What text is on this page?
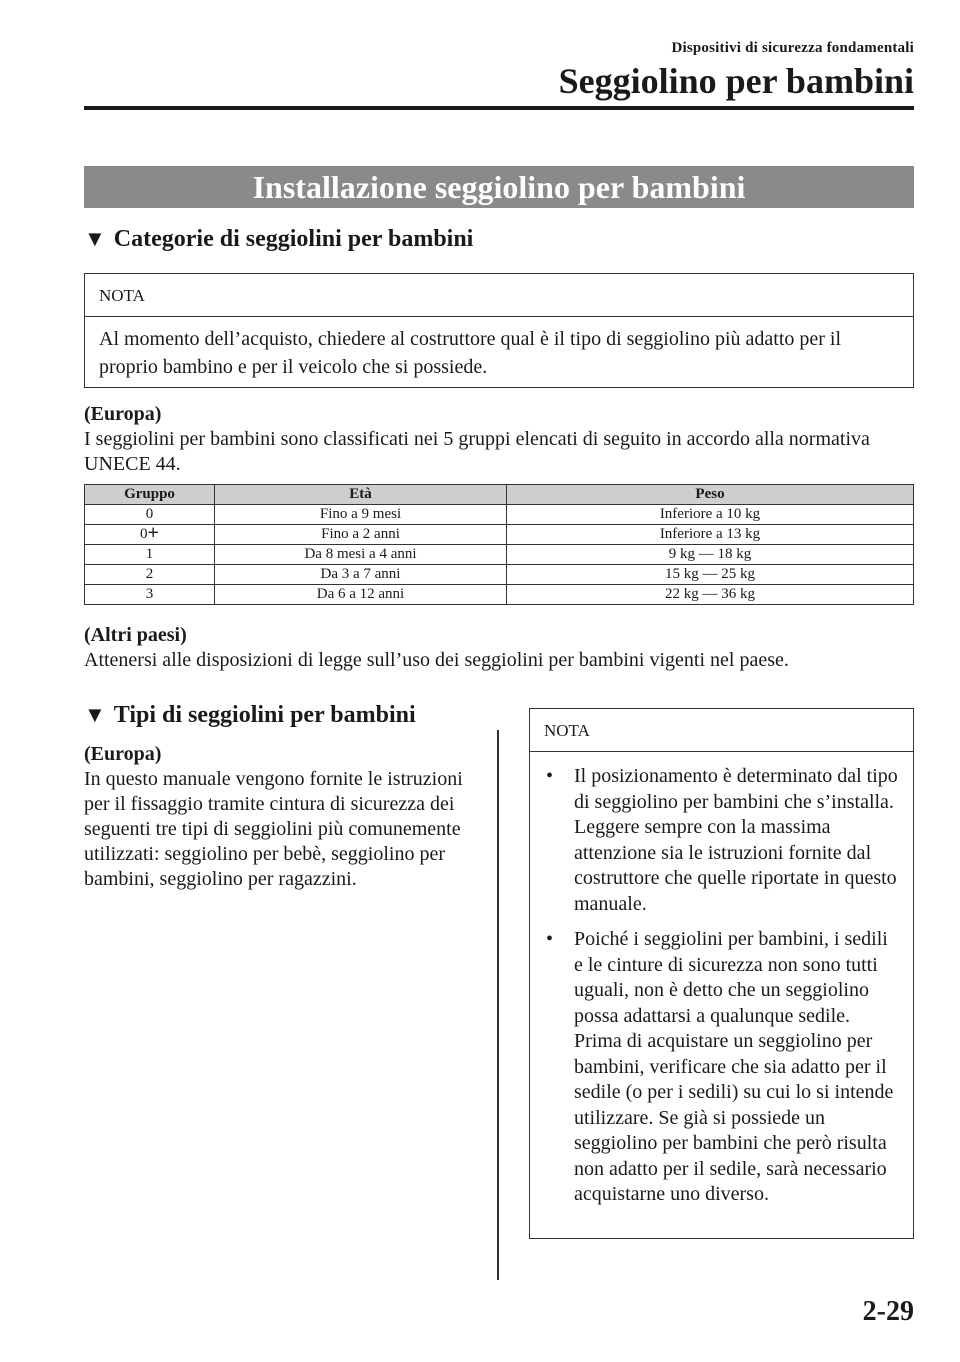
Dispositivi di sicurezza fondamentali
Seggiolino per bambini
Installazione seggiolino per bambini
▼ Categorie di seggiolini per bambini
NOTA
Al momento dell’acquisto, chiedere al costruttore qual è il tipo di seggiolino più adatto per il proprio bambino e per il veicolo che si possiede.
(Europa)
I seggiolini per bambini sono classificati nei 5 gruppi elencati di seguito in accordo alla normativa UNECE 44.
Gruppo	Età	Peso
0	Fino a 9 mesi	Inferiore a 10 kg
0+	Fino a 2 anni	Inferiore a 13 kg
1	Da 8 mesi a 4 anni	9 kg — 18 kg
2	Da 3 a 7 anni	15 kg — 25 kg
3	Da 6 a 12 anni	22 kg — 36 kg
(Altri paesi)
Attenersi alle disposizioni di legge sull’uso dei seggiolini per bambini vigenti nel paese.
▼ Tipi di seggiolini per bambini
(Europa)
In questo manuale vengono fornite le istruzioni per il fissaggio tramite cintura di sicurezza dei seguenti tre tipi di seggiolini più comunemente utilizzati: seggiolino per bebè, seggiolino per bambini, seggiolino per ragazzini.
NOTA
• Il posizionamento è determinato dal tipo di seggiolino per bambini che s’installa. Leggere sempre con la massima attenzione sia le istruzioni fornite dal costruttore che quelle riportate in questo manuale.
• Poiché i seggiolini per bambini, i sedili e le cinture di sicurezza non sono tutti uguali, non è detto che un seggiolino possa adattarsi a qualunque sedile. Prima di acquistare un seggiolino per bambini, verificare che sia adatto per il sedile (o per i sedili) su cui lo si intende utilizzare. Se già si possiede un seggiolino per bambini che però risulta non adatto per il sedile, sarà necessario acquistarne uno diverso.
2-29
